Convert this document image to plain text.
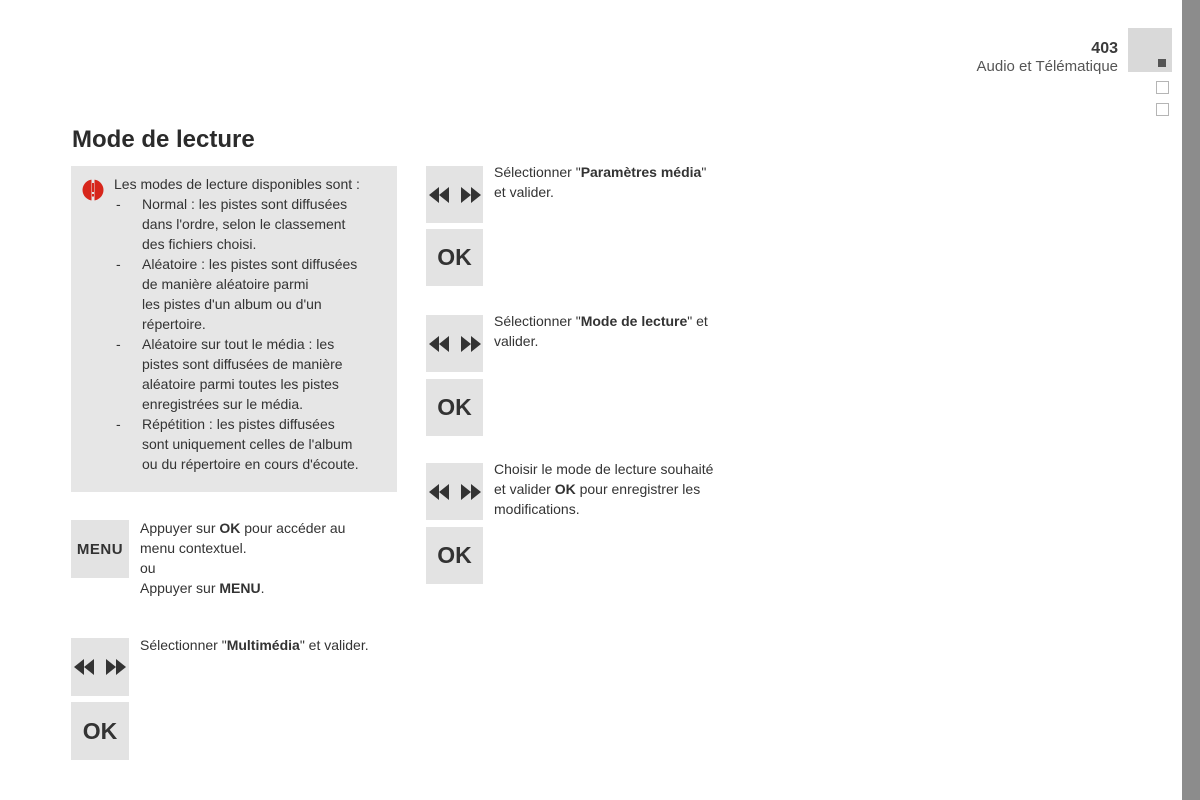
403
Audio et Télématique
Mode de lecture
Les modes de lecture disponibles sont :
- Normal : les pistes sont diffusées
dans l'ordre, selon le classement
des fichiers choisi.
- Aléatoire : les pistes sont diffusées
de manière aléatoire parmi
les pistes d'un album ou d'un
répertoire.
- Aléatoire sur tout le média : les
pistes sont diffusées de manière
aléatoire parmi toutes les pistes
enregistrées sur le média.
- Répétition : les pistes diffusées
sont uniquement celles de l'album
ou du répertoire en cours d'écoute.
MENU
Appuyer sur OK pour accéder au
menu contextuel.
ou
Appuyer sur MENU.
Sélectionner "Multimédia" et valider.
OK
Sélectionner "Paramètres média"
et valider.
OK
Sélectionner "Mode de lecture" et
valider.
OK
Choisir le mode de lecture souhaité
et valider OK pour enregistrer les
modifications.
OK
